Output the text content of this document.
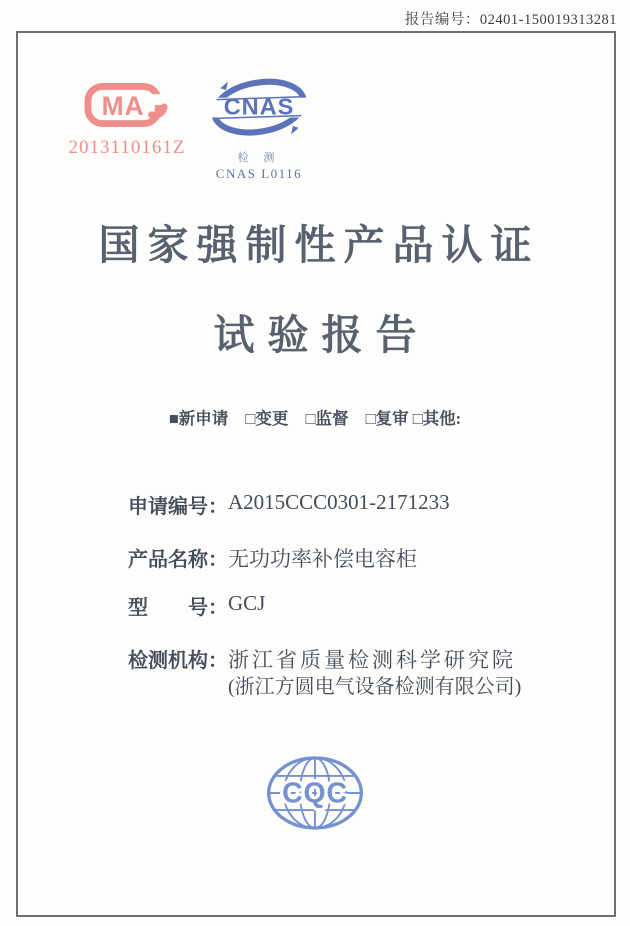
报告编号：02401-150019313281
MA
2013110161Z
CNAS
检 测
CNAS L0116
国家强制性产品认证
试验报告
■新申请 □变更 □监督 □复审 □其他:
申请编号： A2015CCC0301-2171233
产品名称： 无功功率补偿电容柜
型　　号： GCJ
检测机构： 浙江省质量检测科学研究院
(浙江方圆电气设备检测有限公司)
CQC
